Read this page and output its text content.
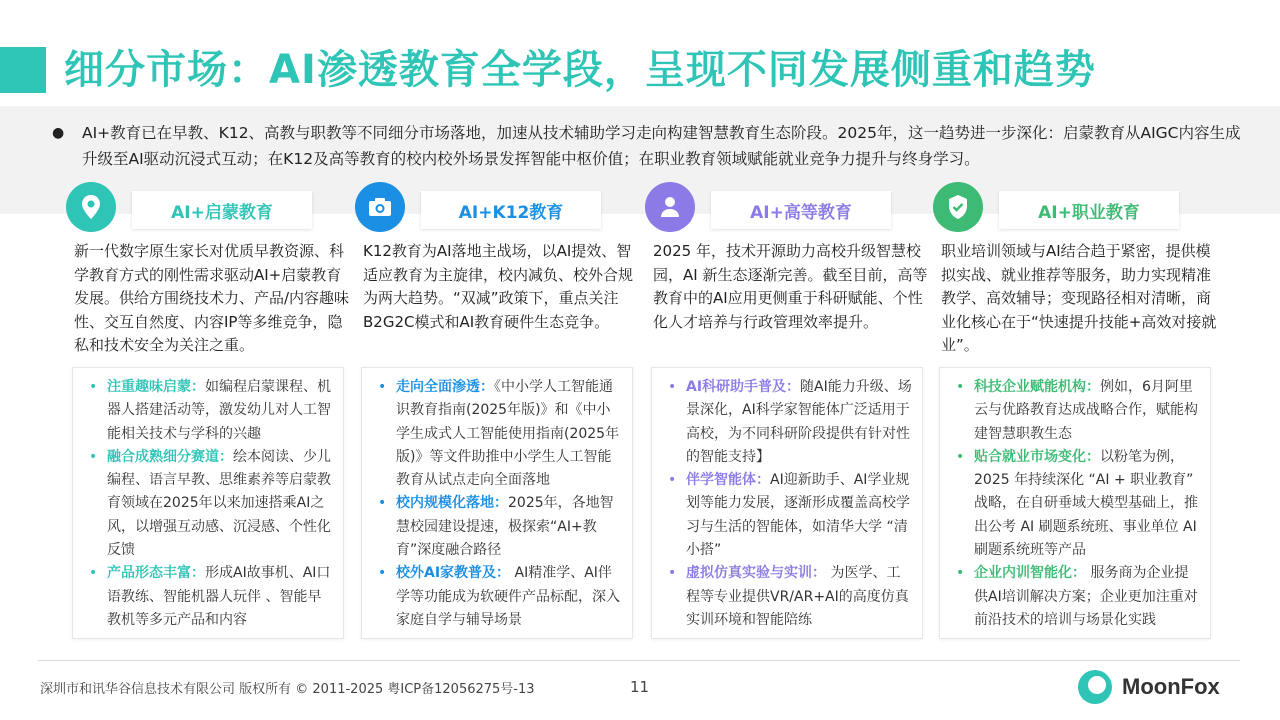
细分市场：AI渗透教育全学段，呈现不同发展侧重和趋势
● AI+教育已在早教、K12、高教与职教等不同细分市场落地，加速从技术辅助学习走向构建智慧教育生态阶段。2025年，这一趋势进一步深化：启蒙教育从AIGC内容生成升级至AI驱动沉浸式互动；在K12及高等教育的校内校外场景发挥智能中枢价值；在职业教育领域赋能就业竞争力提升与终身学习。
AI+启蒙教育
新一代数字原生家长对优质早教资源、科学教育方式的刚性需求驱动AI+启蒙教育发展。供给方围绕技术力、产品/内容趣味性、交互自然度、内容IP等多维竞争，隐私和技术安全为关注之重。
• 注重趣味启蒙：如编程启蒙课程、机器人搭建活动等，激发幼儿对人工智能相关技术与学科的兴趣
• 融合成熟细分赛道：绘本阅读、少儿编程、语言早教、思维素养等启蒙教育领域在2025年以来加速搭乘AI之风，以增强互动感、沉浸感、个性化反馈
• 产品形态丰富：形成AI故事机、AI口语教练、智能机器人玩伴 、智能早教机等多元产品和内容
AI+K12教育
K12教育为AI落地主战场，以AI提效、智适应教育为主旋律，校内减负、校外合规为两大趋势。“双减”政策下，重点关注B2G2C模式和AI教育硬件生态竞争。
• 走向全面渗透：《中小学人工智能通识教育指南(2025年版)》和《中小学生成式人工智能使用指南(2025年版)》等文件助推中小学生人工智能教育从试点走向全面落地
• 校内规模化落地：2025年，各地智慧校园建设提速，极探索“AI+教育”深度融合路径
• 校外AI家教普及： AI精准学、AI伴学等功能成为软硬件产品标配，深入家庭自学与辅导场景
AI+高等教育
2025 年，技术开源助力高校升级智慧校园，AI 新生态逐渐完善。截至目前，高等教育中的AI应用更侧重于科研赋能、个性化人才培养与行政管理效率提升。
• AI科研助手普及：随AI能力升级、场景深化，AI科学家智能体广泛适用于高校，为不同科研阶段提供有针对性的智能支持】
• 伴学智能体：AI迎新助手、AI学业规划等能力发展，逐渐形成覆盖高校学习与生活的智能体，如清华大学 “清小搭”
• 虚拟仿真实验与实训： 为医学、工程等专业提供VR/AR+AI的高度仿真实训环境和智能陪练
AI+职业教育
职业培训领域与AI结合趋于紧密，提供模拟实战、就业推荐等服务，助力实现精准教学、高效辅导；变现路径相对清晰，商业化核心在于“快速提升技能+高效对接就业”。
• 科技企业赋能机构：例如，6月阿里云与优路教育达成战略合作，赋能构建智慧职教生态
• 贴合就业市场变化：以粉笔为例，2025 年持续深化 “AI + 职业教育” 战略，在自研垂域大模型基础上，推出公考 AI 刷题系统班、事业单位 AI 刷题系统班等产品
• 企业内训智能化： 服务商为企业提供AI培训解决方案；企业更加注重对前沿技术的培训与场景化实践
深圳市和讯华谷信息技术有限公司 版权所有 © 2011-2025 粤ICP备12056275号-13	11	MoonFox
